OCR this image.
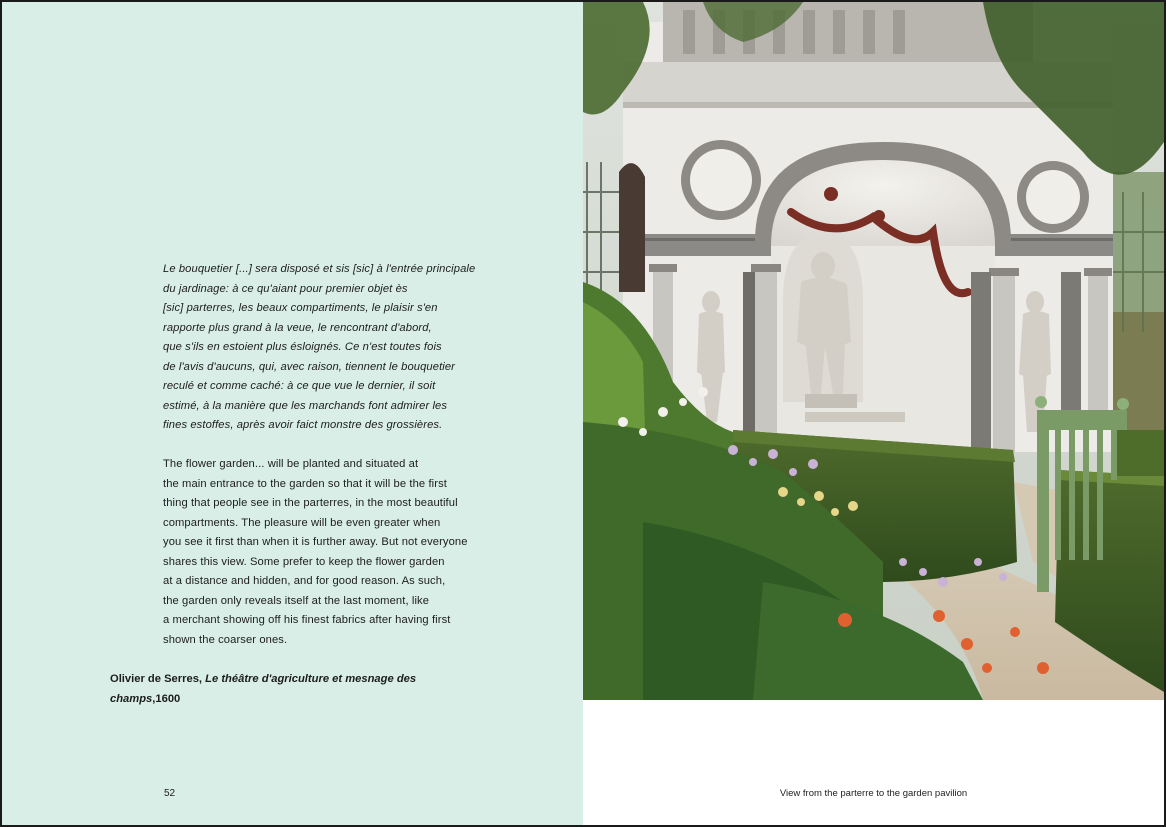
Le bouquetier [...] sera disposé et sis [sic] à l'entrée principale
du jardinage: à ce qu'aiant pour premier objet ès
[sic] parterres, les beaux compartiments, le plaisir s'en
rapporte plus grand à la veue, le rencontrant d'abord,
que s'ils en estoient plus ésloignés. Ce n'est toutes fois
de l'avis d'aucuns, qui, avec raison, tiennent le bouquetier
reculé et comme caché: à ce que vue le dernier, il soit
estimé, à la manière que les marchands font admirer les
fines estoffes, après avoir faict monstre des grossières.

The flower garden... will be planted and situated at
the main entrance to the garden so that it will be the first
thing that people see in the parterres, in the most beautiful
compartments. The pleasure will be even greater when
you see it first than when it is further away. But not everyone
shares this view. Some prefer to keep the flower garden
at a distance and hidden, and for good reason. As such,
the garden only reveals itself at the last moment, like
a merchant showing off his finest fabrics after having first
shown the coarser ones.

Olivier de Serres, Le théâtre d'agriculture et mesnage des champs,1600
52	View from the parterre to the garden pavilion
